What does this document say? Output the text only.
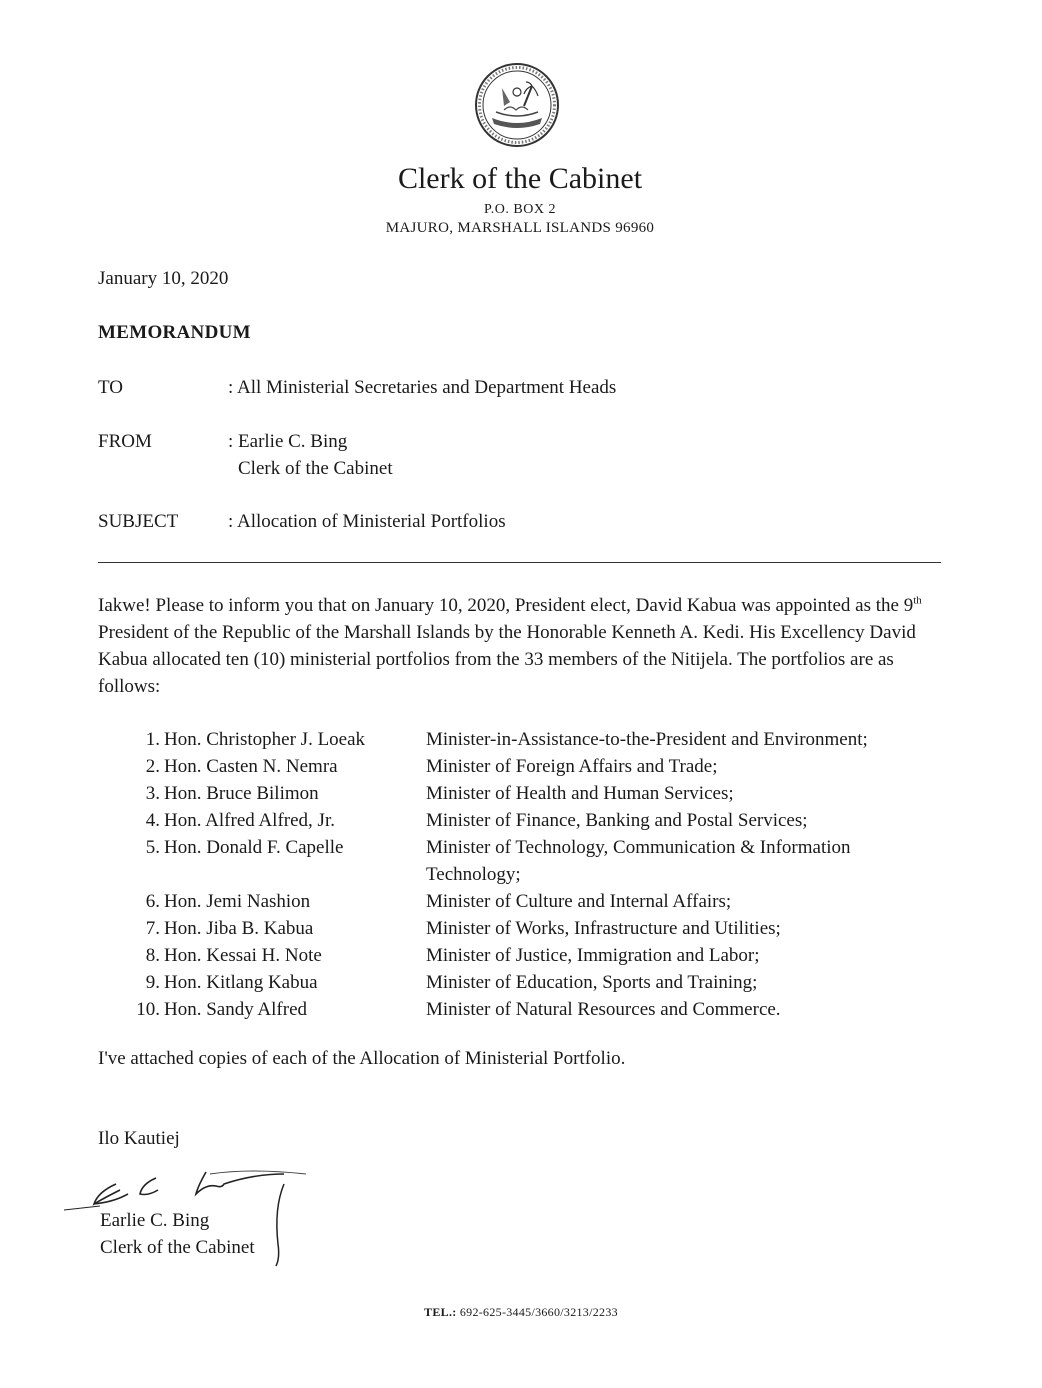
Clerk of the Cabinet
P.O. BOX 2
MAJURO, MARSHALL ISLANDS 96960
January 10, 2020
MEMORANDUM
TO	: All Ministerial Secretaries and Department Heads
FROM	: Earlie C. Bing
Clerk of the Cabinet
SUBJECT	: Allocation of Ministerial Portfolios
Iakwe! Please to inform you that on January 10, 2020, President elect, David Kabua was appointed as the 9th President of the Republic of the Marshall Islands by the Honorable Kenneth A. Kedi. His Excellency David Kabua allocated ten (10) ministerial portfolios from the 33 members of the Nitijela. The portfolios are as follows:
1. Hon. Christopher J. Loeak	Minister-in-Assistance-to-the-President and Environment;
2. Hon. Casten N. Nemra	Minister of Foreign Affairs and Trade;
3. Hon. Bruce Bilimon	Minister of Health and Human Services;
4. Hon. Alfred Alfred, Jr.	Minister of Finance, Banking and Postal Services;
5. Hon. Donald F. Capelle	Minister of Technology, Communication & Information Technology;
6. Hon. Jemi Nashion	Minister of Culture and Internal Affairs;
7. Hon. Jiba B. Kabua	Minister of Works, Infrastructure and Utilities;
8. Hon. Kessai H. Note	Minister of Justice, Immigration and Labor;
9. Hon. Kitlang Kabua	Minister of Education, Sports and Training;
10. Hon. Sandy Alfred	Minister of Natural Resources and Commerce.
I've attached copies of each of the Allocation of Ministerial Portfolio.
Ilo Kautiej
Earlie C. Bing
Clerk of the Cabinet
TEL.: 692-625-3445/3660/3213/2233
